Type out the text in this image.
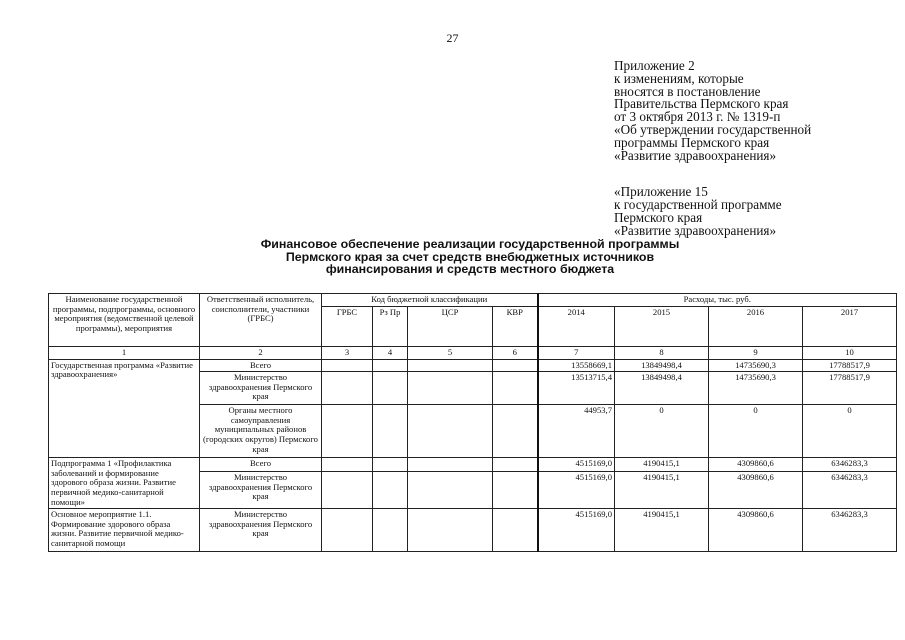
27
Приложение 2
к изменениям, которые
вносятся в постановление
Правительства Пермского края
от 3 октября 2013 г. № 1319-п
«Об утверждении государственной
программы Пермского края
«Развитие здравоохранения»
«Приложение 15
к государственной программе
Пермского края
«Развитие здравоохранения»
Финансовое обеспечение реализации государственной программы
Пермского края за счет средств внебюджетных источников
финансирования и средств местного бюджета
Наименование государственной программы, подпрограммы, основного мероприятия (ведомственной целевой программы), мероприятия	Ответственный исполнитель, соисполнители, участники (ГРБС)	Код бюджетной классификации				Расходы, тыс. руб.			
		ГРБС	Рз Пр	ЦСР	КВР	2014	2015	2016	2017
1	2	3	4	5	6	7	8	9	10
Государственная программа «Развитие здравоохранения»	Всего					13558669,1	13849498,4	14735690,3	17788517,9
	Министерство здравоохранения Пермского края					13513715,4	13849498,4	14735690,3	17788517,9
	Органы местного самоуправления муниципальных районов (городских округов) Пермского края					44953,7	0	0	0
Подпрограмма 1 «Профилактика заболеваний и формирование здорового образа жизни. Развитие первичной медико-санитарной помощи»	Всего					4515169,0	4190415,1	4309860,6	6346283,3
	Министерство здравоохранения Пермского края					4515169,0	4190415,1	4309860,6	6346283,3
Основное мероприятие 1.1. Формирование здорового образа жизни. Развитие первичной медико-санитарной помощи	Министерство здравоохранения Пермского края					4515169,0	4190415,1	4309860,6	6346283,3
